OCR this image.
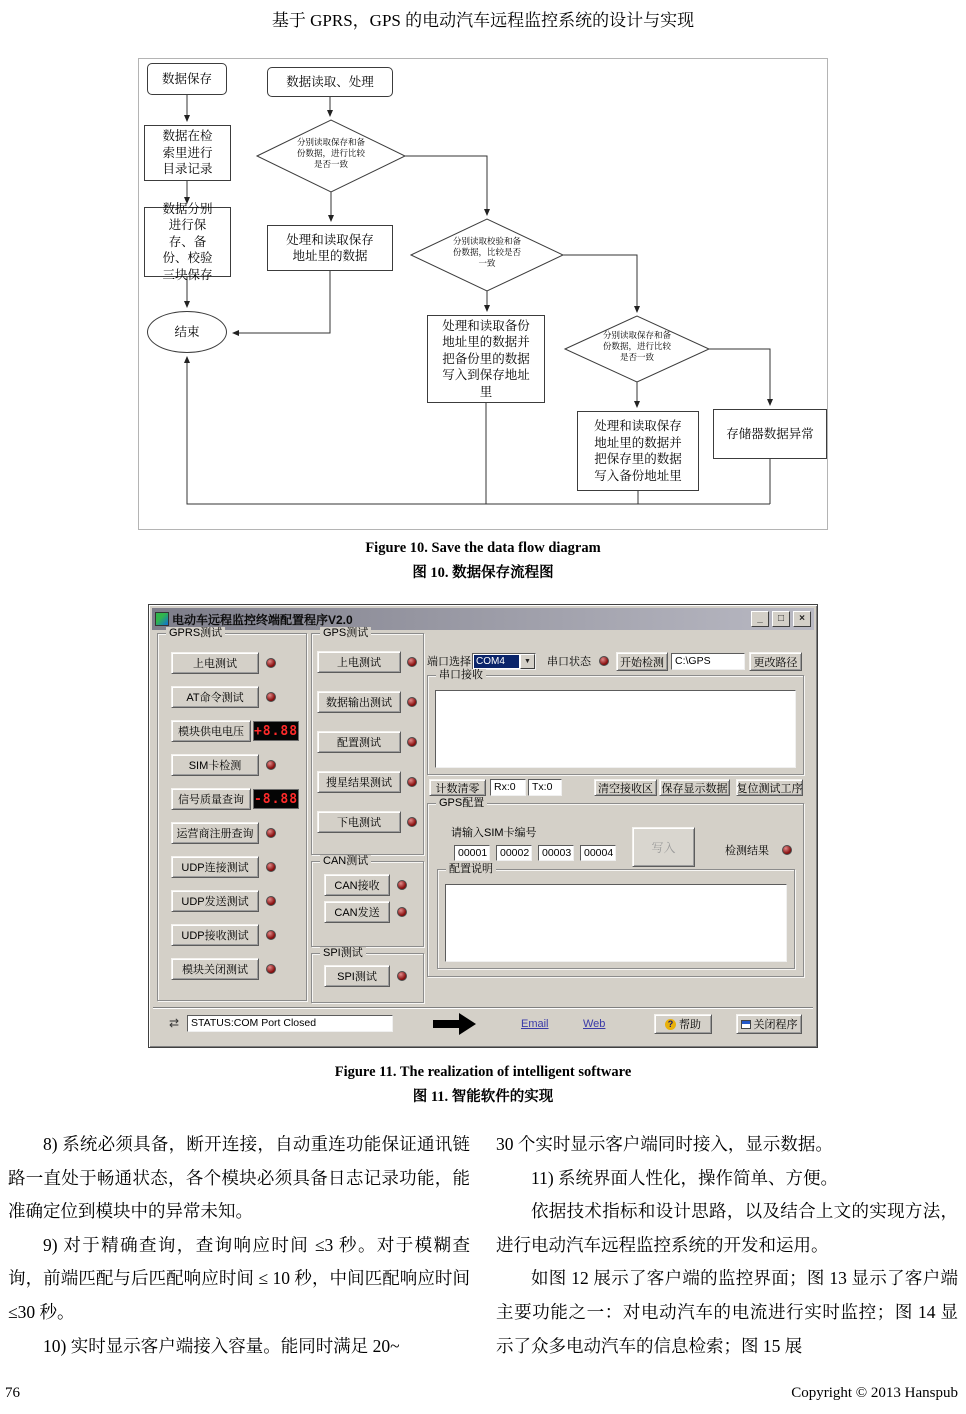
基于 GPRS，GPS 的电动汽车远程监控系统的设计与实现
数据保存	数据读取、处理
数据在检索里进行目录记录
数据分别进行保存、备份、校验三块保存
结束
分别读取保存和备份数据，进行比较是否一致
处理和读取保存地址里的数据
分别读取校验和备份数据，比较是否一致
处理和读取备份地址里的数据并把备份里的数据写入到保存地址里
分别读取保存和备份数据，进行比较是否一致
处理和读取保存地址里的数据并把保存里的数据写入备份地址里
存储器数据异常
Figure 10. Save the data flow diagram
图 10. 数据保存流程图
电动车远程监控终端配置程序V2.0	_	□	×
GPRS测试
上电测试
AT命令测试
模块供电电压 +8.88
SIM卡检测
信号质量查询 -8.88
运营商注册查询
UDP连接测试
UDP发送测试
UDP接收测试
模块关闭测试
GPS测试
上电测试
数据输出测试
配置测试
搜星结果测试
下电测试
CAN测试
CAN接收
CAN发送
SPI测试
SPI测试
端口选择 COM4	▼	串口状态	开始检测	C:\GPS	更改路径
串口接收
计数清零	Rx:0	Tx:0	清空接收区 保存显示数据 复位测试工序
GPS配置
请输入SIM卡编号
00001	00002	00003	00004	写入	检测结果
配置说明
⇄	STATUS:COM Port Closed	Email	Web	? 帮助	关闭程序
Figure 11. The realization of intelligent software
图 11. 智能软件的实现

8) 系统必须具备，断开连接，自动重连功能保证通讯链路一直处于畅通状态，各个模块必须具备日志记录功能，能准确定位到模块中的异常未知。

9) 对于精确查询，查询响应时间 ≤3 秒。对于模糊查询，前端匹配与后匹配响应时间 ≤ 10 秒，中间匹配响应时间 ≤30 秒。

10) 实时显示客户端接入容量。能同时满足 20~

30 个实时显示客户端同时接入，显示数据。

11) 系统界面人性化，操作简单、方便。

依据技术指标和设计思路，以及结合上文的实现方法，进行电动汽车远程监控系统的开发和运用。

如图 12 展示了客户端的监控界面；图 13 显示了客户端主要功能之一：对电动汽车的电流进行实时监控；图 14 显示了众多电动汽车的信息检索；图 15 展

76	Copyright © 2013 Hanspub
